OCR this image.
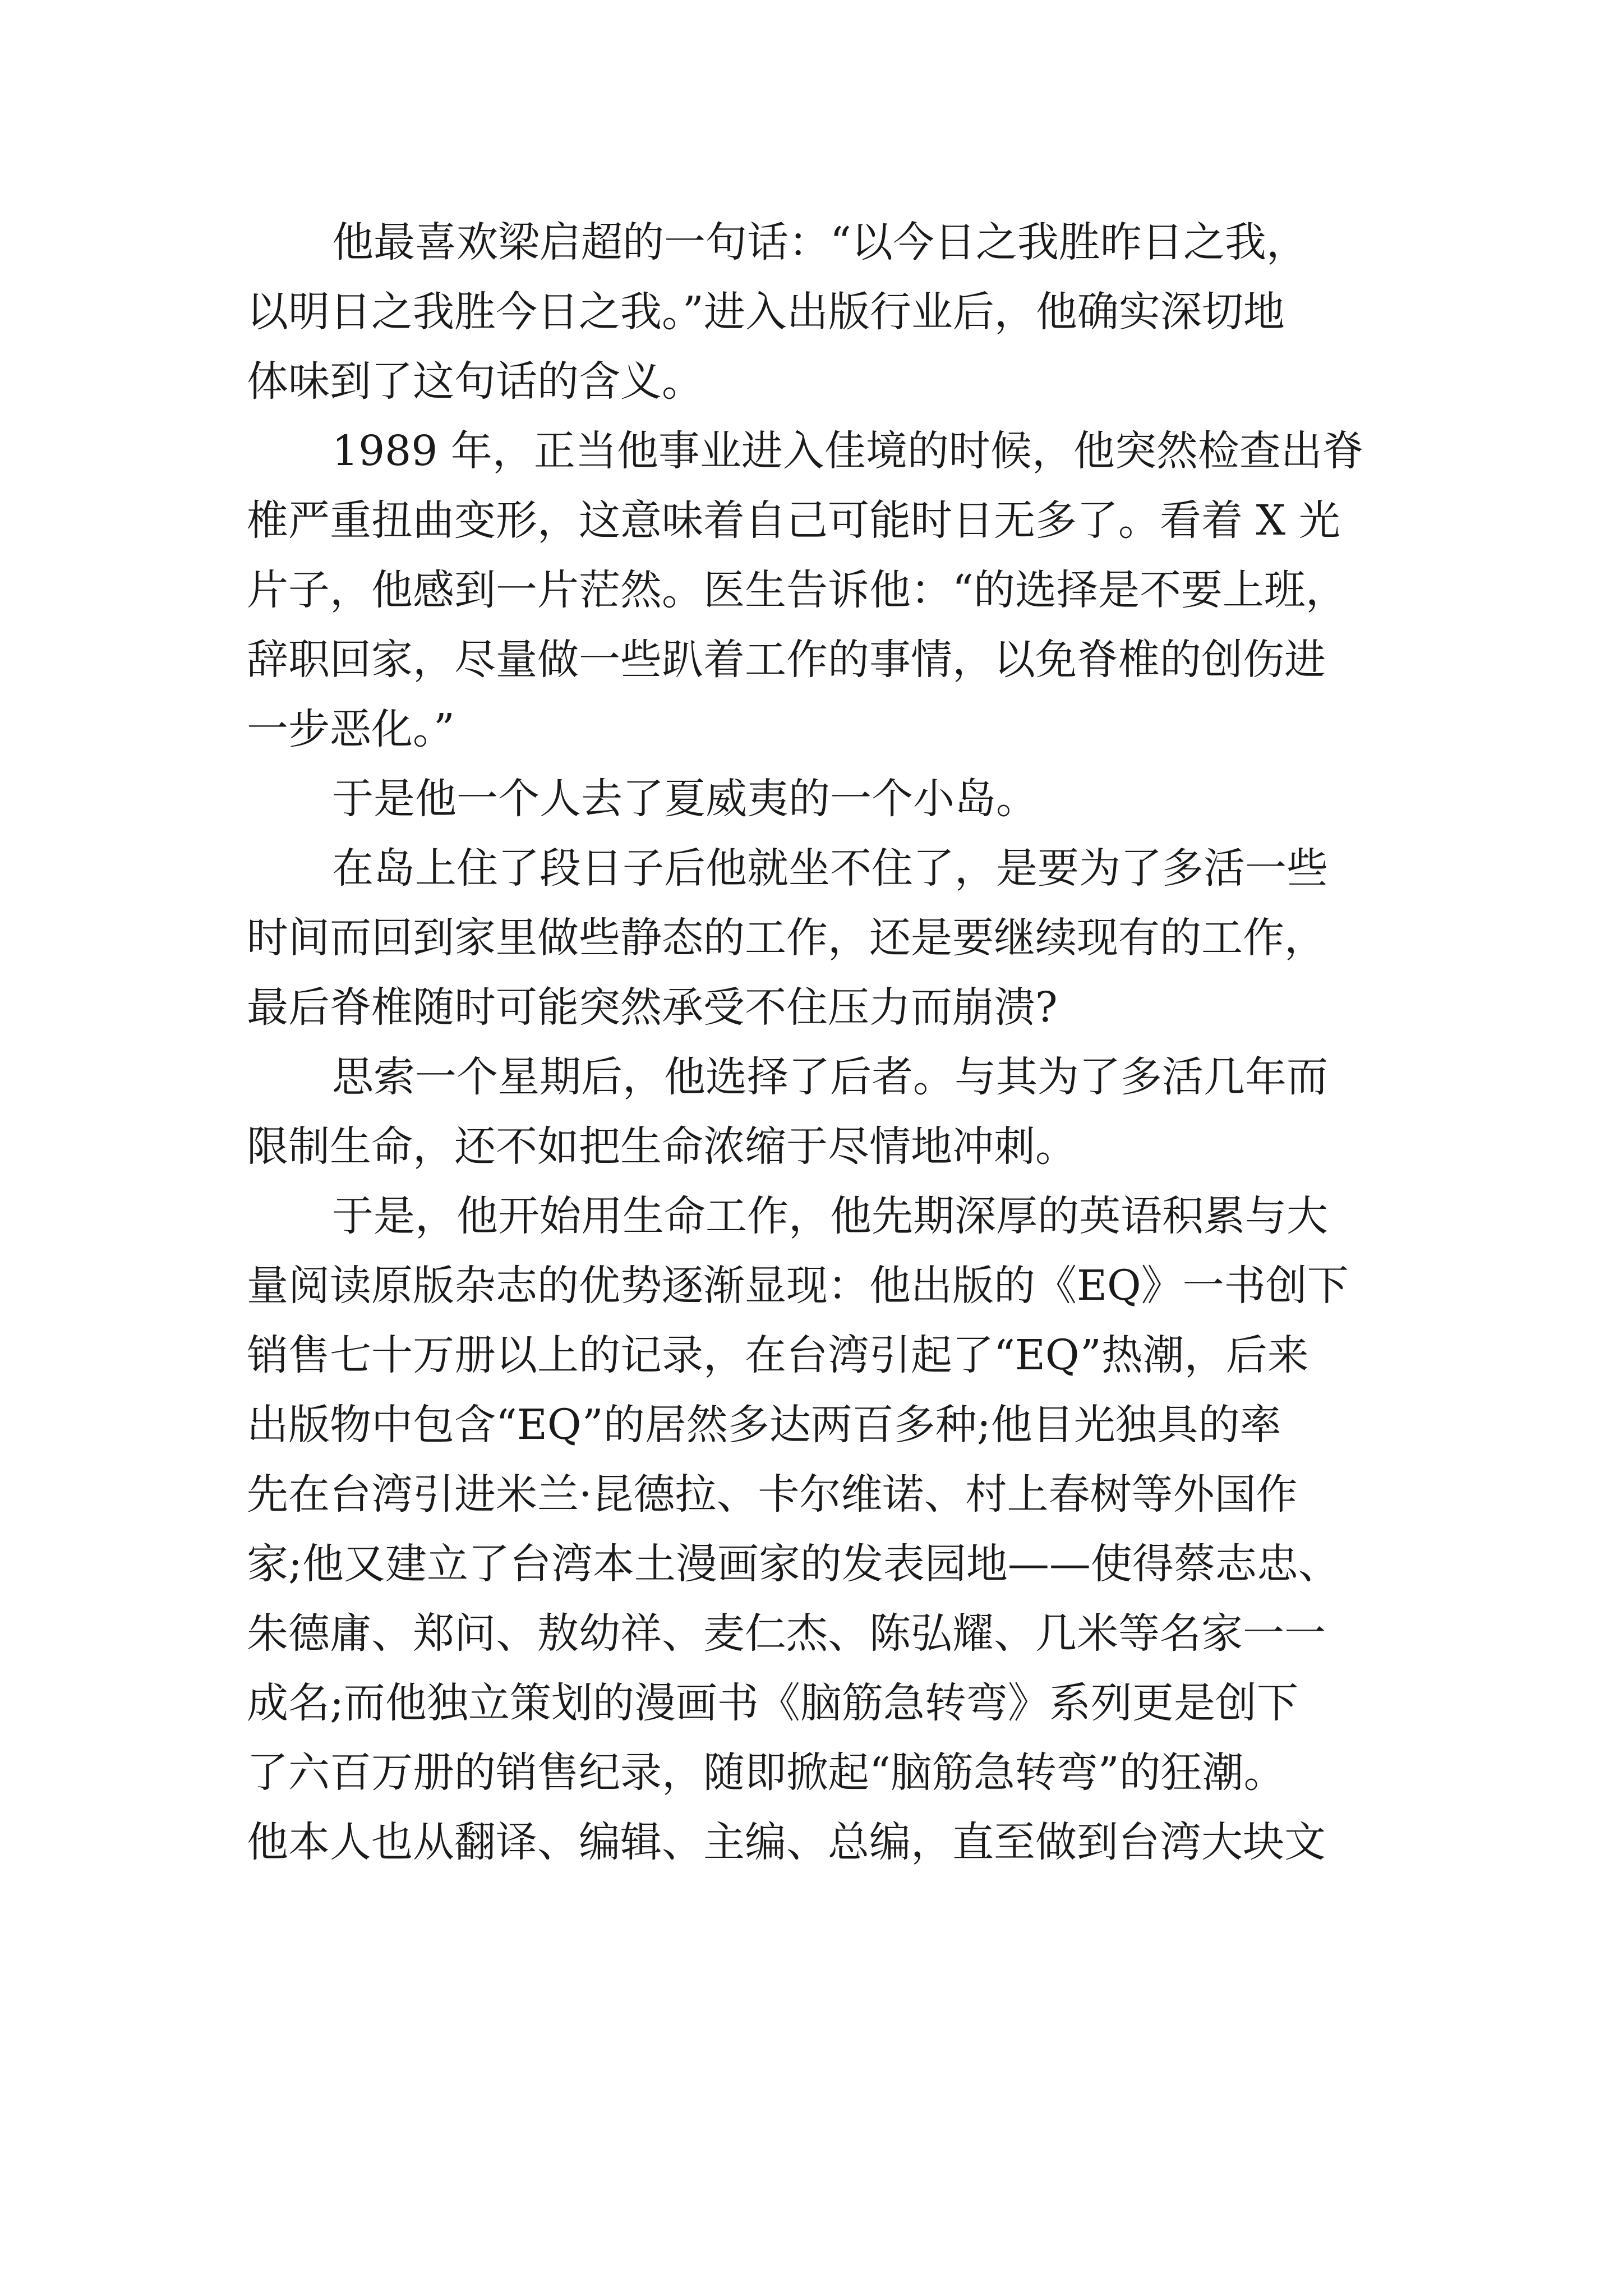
他最喜欢梁启超的一句话：“以今日之我胜昨日之我，
以明日之我胜今日之我。”进入出版行业后，他确实深切地
体味到了这句话的含义。
1989 年，正当他事业进入佳境的时候，他突然检查出脊
椎严重扭曲变形，这意味着自己可能时日无多了。看着 X 光
片子，他感到一片茫然。医生告诉他：“的选择是不要上班，
辞职回家，尽量做一些趴着工作的事情，以免脊椎的创伤进
一步恶化。”
于是他一个人去了夏威夷的一个小岛。
在岛上住了段日子后他就坐不住了，是要为了多活一些
时间而回到家里做些静态的工作，还是要继续现有的工作，
最后脊椎随时可能突然承受不住压力而崩溃?
思索一个星期后，他选择了后者。与其为了多活几年而
限制生命，还不如把生命浓缩于尽情地冲刺。
于是，他开始用生命工作，他先期深厚的英语积累与大
量阅读原版杂志的优势逐渐显现：他出版的《EQ》一书创下
销售七十万册以上的记录，在台湾引起了“EQ”热潮，后来
出版物中包含“EQ”的居然多达两百多种;他目光独具的率
先在台湾引进米兰·昆德拉、卡尔维诺、村上春树等外国作
家;他又建立了台湾本土漫画家的发表园地——使得蔡志忠、
朱德庸、郑问、敖幼祥、麦仁杰、陈弘耀、几米等名家一一
成名;而他独立策划的漫画书《脑筋急转弯》系列更是创下
了六百万册的销售纪录，随即掀起“脑筋急转弯”的狂潮。
他本人也从翻译、编辑、主编、总编，直至做到台湾大块文
